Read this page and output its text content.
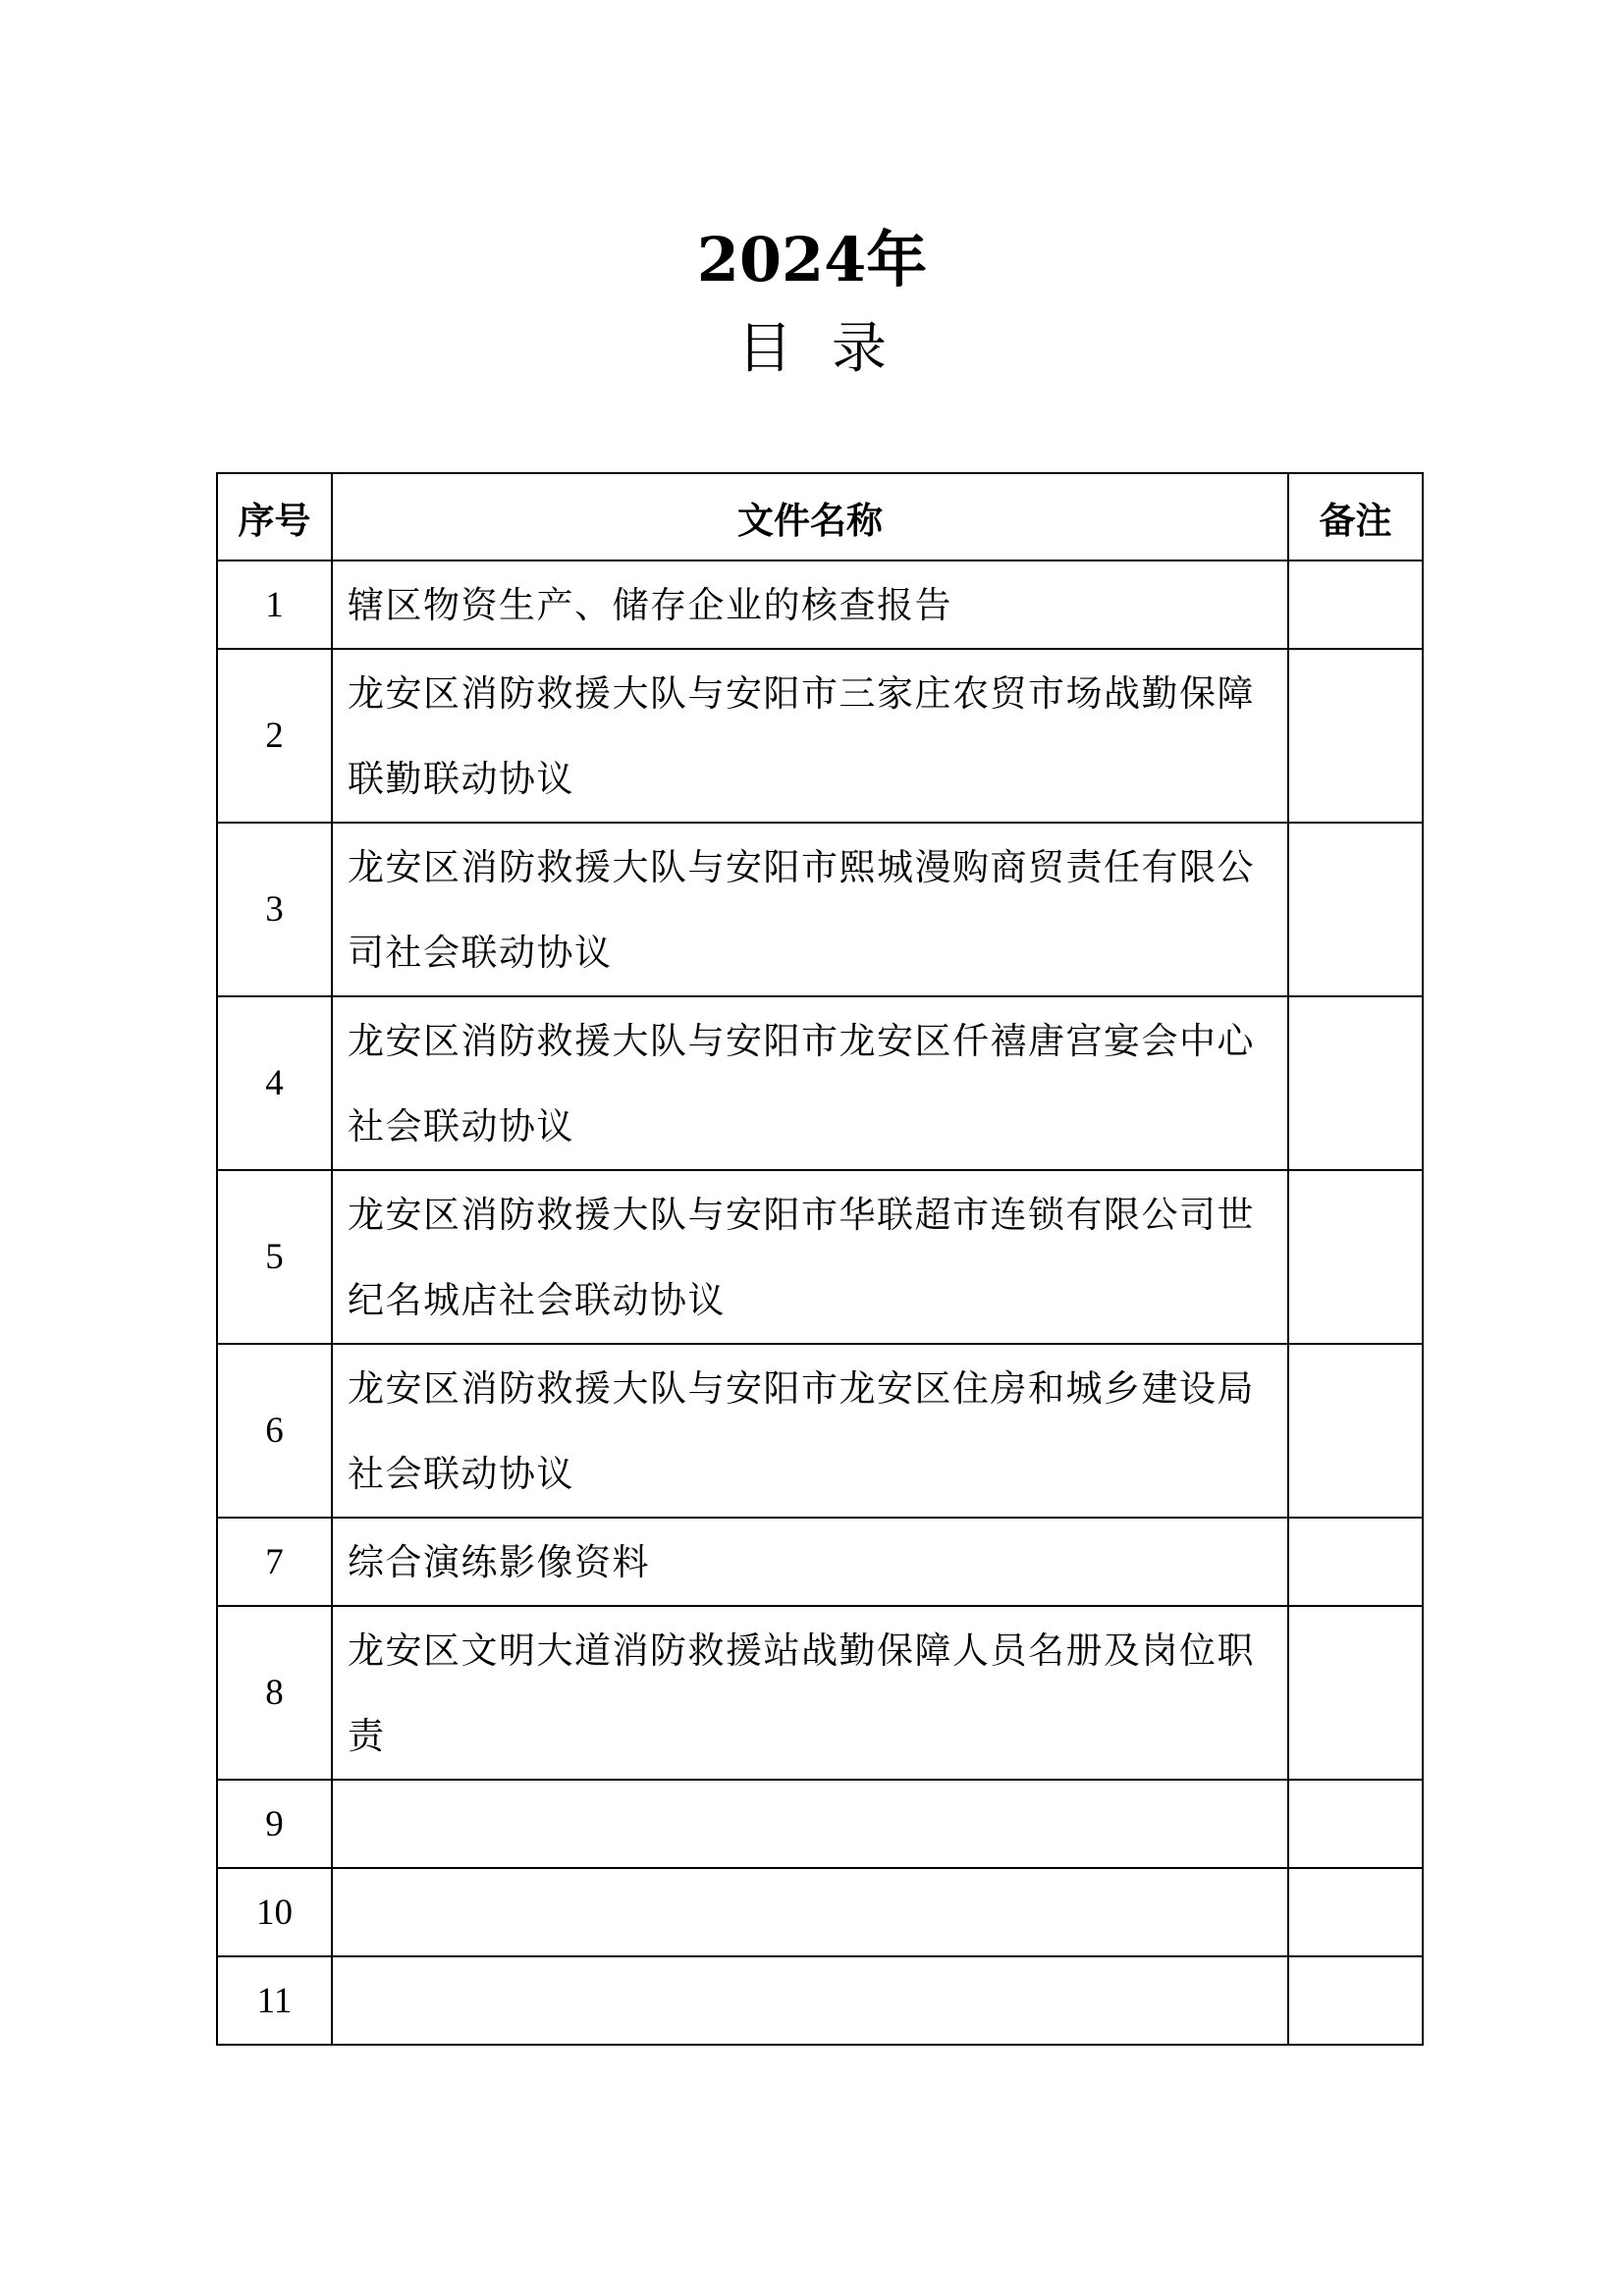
2024年
目录
序号	文件名称	备注
1	辖区物资生产、储存企业的核查报告	
2	龙安区消防救援大队与安阳市三家庄农贸市场战勤保障联勤联动协议	
3	龙安区消防救援大队与安阳市熙城漫购商贸责任有限公司社会联动协议	
4	龙安区消防救援大队与安阳市龙安区仟禧唐宫宴会中心社会联动协议	
5	龙安区消防救援大队与安阳市华联超市连锁有限公司世纪名城店社会联动协议	
6	龙安区消防救援大队与安阳市龙安区住房和城乡建设局社会联动协议	
7	综合演练影像资料	
8	龙安区文明大道消防救援站战勤保障人员名册及岗位职责	
9		
10		
11		
